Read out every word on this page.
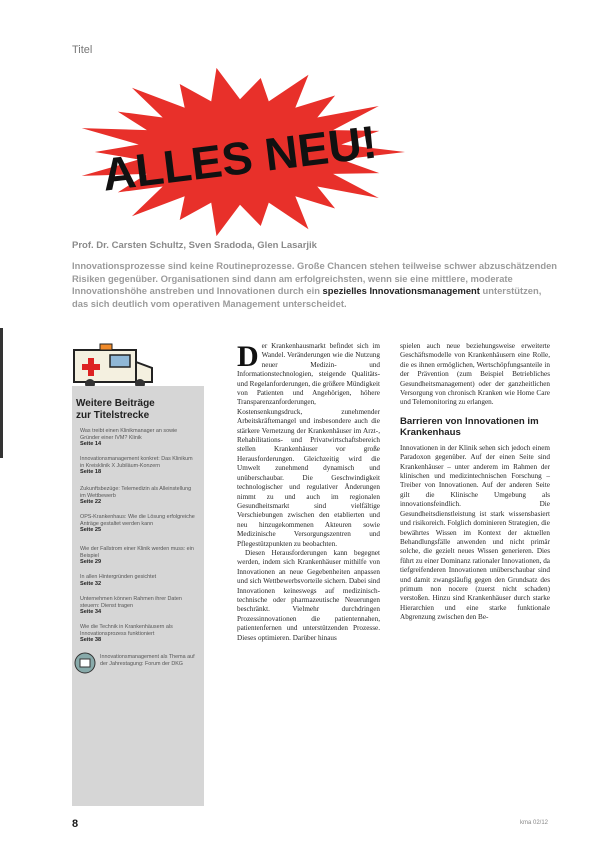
Titel
ALLES NEU!
Prof. Dr. Carsten Schultz, Sven Sradoda, Glen Lasarjik
Innovationsprozesse sind keine Routineprozesse. Große Chancen stehen teilweise schwer abzuschätzenden Risiken gegenüber. Organisationen sind dann am erfolgreichsten, wenn sie eine mittlere, moderate Innovationshöhe anstreben und Innovationen durch ein spezielles Innovationsmanagement unterstützen, das sich deutlich vom operativen Management unterscheidet.
Weitere Beiträge
zur Titelstrecke
Was treibt einen Klinikmanager an sowie Gründer einer IVM? Klinik
Seite 14
Innovationsmanagement konkret: Das Klinikum in Kreisklinik X Jubiläum-Konzern
Seite 18
Zukunftsbezüge: Telemedizin als Alleinstellung im Wettbewerb
Seite 22
OPS-Krankenhaus: Wie die Lösung erfolgreiche Anträge gestaltet werden kann
Seite 25
Wie der Fallstrom einer Klinik werden muss: ein Beispiel
Seite 29
In allen Hintergründen gesichtet
Seite 32
Unternehmen können Rahmen ihrer Daten steuern: Dienst tragen
Seite 34
Wie die Technik in Krankenhäusern als Innovationsprozess funktioniert
Seite 38
Innovationsmanagement als Thema auf der Jahrestagung: Forum der DKG
D er Krankenhausmarkt befindet sich im Wandel. Veränderungen wie die Nutzung neuer Medizin- und Informationstechnologien, steigende Qualitäts- und Regelanforderungen, die größere Mündigkeit von Patienten und Angehörigen, höhere Transparenzanforderungen, Kostensenkungsdruck, zunehmender Arbeitskräftemangel und insbesondere auch die stärkere Vernetzung der Krankenhäuser im Arzt-, Rehabilitations- und Privatwirtschaftsbereich stellen Krankenhäuser vor große Herausforderungen. Gleichzeitig wird die Umwelt zunehmend dynamisch und unüberschaubar. Die Geschwindigkeit technologischer und regulativer Änderungen nimmt zu und auch im regionalen Gesundheitsmarkt sind vielfältige Verschiebungen zwischen den etablierten und neu hinzugekommenen Akteuren sowie Medizinische Versorgungszentren und Pflegestützpunkten zu beobachten.

Diesen Herausforderungen kann begegnet werden, indem sich Krankenhäuser mithilfe von Innovationen an neue Gegebenheiten anpassen und sich Wettbewerbsvorteile sichern. Dabei sind Innovationen keineswegs auf medizinisch-technische oder pharmazeutische Neuerungen beschränkt. Vielmehr durchdringen Prozessinnovationen die patientennahen, patientenfernen und unterstützenden Prozesse. Dieses optimieren. Darüber hinaus

spielen auch neue beziehungsweise erweiterte Geschäftsmodelle von Krankenhäusern eine Rolle, die es ihnen ermöglichen, Wertschöpfungsanteile in der Prävention (zum Beispiel Betriebliches Gesundheitsmanagement) oder der ganzheitlichen Versorgung von chronisch Kranken wie Home Care und Telemonitoring zu erlangen.

Barrieren von Innovationen im Krankenhaus

Innovationen in der Klinik sehen sich jedoch einem Paradoxon gegenüber. Auf der einen Seite sind Krankenhäuser – unter anderem im Rahmen der klinischen und medizintechnischen Forschung – Treiber von Innovationen. Auf der anderen Seite gilt die Klinische Umgebung als innovationsfeindlich. Die Gesundheitsdienstleistung ist stark wissensbasiert und risikoreich. Folglich dominieren Strategien, die bewährtes Wissen im Kontext der aktuellen Behandlungsfälle anwenden und nicht primär solche, die gezielt neues Wissen generieren. Dies führt zu einer Dominanz rationaler Innovationen, da tiefgreifenderen Innovationen unüberschaubar sind und damit zwangsläufig gegen den Grundsatz des primum non nocere (zuerst nicht schaden) verstoßen. Hinzu sind Krankenhäuser durch starke Hierarchien und eine starke funktionale Abgrenzung zwischen den Be-

8	kma 02/12
